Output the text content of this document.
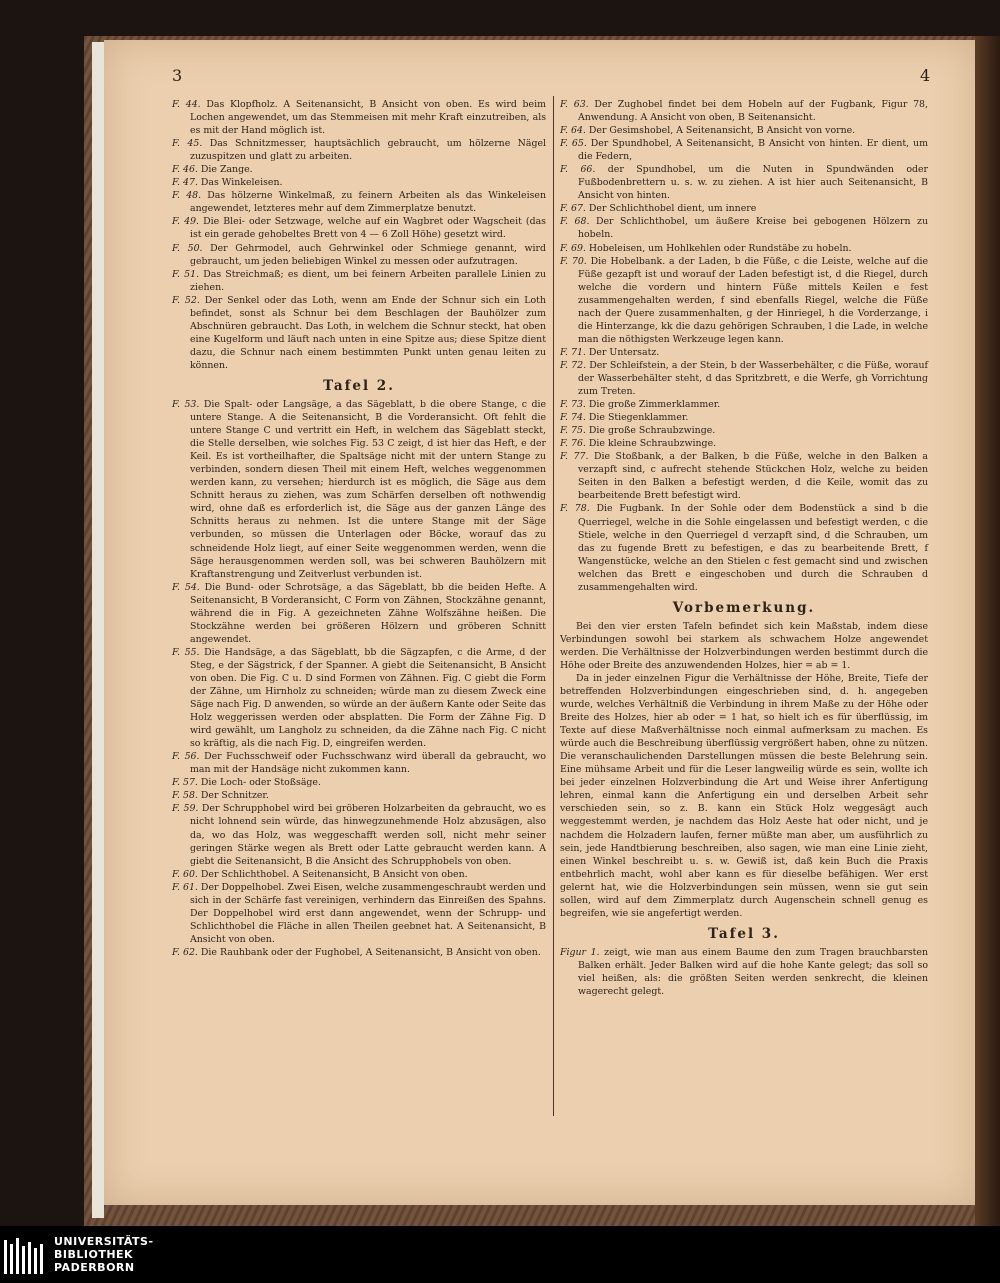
3	4
F. 44. Das Klopfholz. A Seitenansicht, B Ansicht von oben. Es wird beim Lochen angewendet, um das Stemmeisen mit mehr Kraft einzutreiben, als es mit der Hand möglich ist.
F. 45. Das Schnitzmesser, hauptsächlich gebraucht, um hölzerne Nägel zuzuspitzen und glatt zu arbeiten.
F. 46. Die Zange.
F. 47. Das Winkeleisen.
F. 48. Das hölzerne Winkelmaß, zu feinern Arbeiten als das Winkeleisen angewendet, letzteres mehr auf dem Zimmerplatze benutzt.
F. 49. Die Blei- oder Setzwage, welche auf ein Wagbret oder Wagscheit (das ist ein gerade gehobeltes Brett von 4 — 6 Zoll Höhe) gesetzt wird.
F. 50. Der Gehrmodel, auch Gehrwinkel oder Schmiege genannt, wird gebraucht, um jeden beliebigen Winkel zu messen oder aufzutragen.
F. 51. Das Streichmaß; es dient, um bei feinern Arbeiten parallele Linien zu ziehen.
F. 52. Der Senkel oder das Loth, wenn am Ende der Schnur sich ein Loth befindet, sonst als Schnur bei dem Beschlagen der Bauhölzer zum Abschnüren gebraucht. Das Loth, in welchem die Schnur steckt, hat oben eine Kugelform und läuft nach unten in eine Spitze aus; diese Spitze dient dazu, die Schnur nach einem bestimmten Punkt unten genau leiten zu können.
Tafel 2.
F. 53. Die Spalt- oder Langsäge, a das Sägeblatt, b die obere Stange, c die untere Stange. A die Seitenansicht, B die Vorderansicht. Oft fehlt die untere Stange C und vertritt ein Heft, in welchem das Sägeblatt steckt, die Stelle derselben, wie solches Fig. 53 C zeigt, d ist hier das Heft, e der Keil. Es ist vortheilhafter, die Spaltsäge nicht mit der untern Stange zu verbinden, sondern diesen Theil mit einem Heft, welches weggenommen werden kann, zu versehen; hierdurch ist es möglich, die Säge aus dem Schnitt heraus zu ziehen, was zum Schärfen derselben oft nothwendig wird, ohne daß es erforderlich ist, die Säge aus der ganzen Länge des Schnitts heraus zu nehmen. Ist die untere Stange mit der Säge verbunden, so müssen die Unterlagen oder Böcke, worauf das zu schneidende Holz liegt, auf einer Seite weggenommen werden, wenn die Säge herausgenommen werden soll, was bei schweren Bauhölzern mit Kraftanstrengung und Zeitverlust verbunden ist.
F. 54. Die Bund- oder Schrotsäge, a das Sägeblatt, bb die beiden Hefte. A Seitenansicht, B Vorderansicht, C Form von Zähnen, Stockzähne genannt, während die in Fig. A gezeichneten Zähne Wolfszähne heißen. Die Stockzähne werden bei größeren Hölzern und gröberen Schnitt angewendet.
F. 55. Die Handsäge, a das Sägeblatt, bb die Sägzapfen, c die Arme, d der Steg, e der Sägstrick, f der Spanner. A giebt die Seitenansicht, B Ansicht von oben. Die Fig. C u. D sind Formen von Zähnen. Fig. C giebt die Form der Zähne, um Hirnholz zu schneiden; würde man zu diesem Zweck eine Säge nach Fig. D anwenden, so würde an der äußern Kante oder Seite das Holz weggerissen werden oder absplatten. Die Form der Zähne Fig. D wird gewählt, um Langholz zu schneiden, da die Zähne nach Fig. C nicht so kräftig, als die nach Fig. D, eingreifen werden.
F. 56. Der Fuchsschweif oder Fuchsschwanz wird überall da gebraucht, wo man mit der Handsäge nicht zukommen kann.
F. 57. Die Loch- oder Stoßsäge.
F. 58. Der Schnitzer.
F. 59. Der Schrupphobel wird bei gröberen Holzarbeiten da gebraucht, wo es nicht lohnend sein würde, das hinwegzunehmende Holz abzusägen, also da, wo das Holz, was weggeschafft werden soll, nicht mehr seiner geringen Stärke wegen als Brett oder Latte gebraucht werden kann. A giebt die Seitenansicht, B die Ansicht des Schrupphobels von oben.
F. 60. Der Schlichthobel. A Seitenansicht, B Ansicht von oben.
F. 61. Der Doppelhobel. Zwei Eisen, welche zusammengeschraubt werden und sich in der Schärfe fast vereinigen, verhindern das Einreißen des Spahns. Der Doppelhobel wird erst dann angewendet, wenn der Schrupp- und Schlichthobel die Fläche in allen Theilen geebnet hat. A Seitenansicht, B Ansicht von oben.
F. 62. Die Rauhbank oder der Fughobel, A Seitenansicht, B Ansicht von oben.
F. 63. Der Zughobel findet bei dem Hobeln auf der Fugbank, Figur 78, Anwendung. A Ansicht von oben, B Seitenansicht.
F. 64. Der Gesimshobel, A Seitenansicht, B Ansicht von vorne.
F. 65. Der Spundhobel, A Seitenansicht, B Ansicht von hinten. Er dient, um die Federn,
F. 66. der Spundhobel, um die Nuten in Spundwänden oder Fußbodenbrettern u. s. w. zu ziehen. A ist hier auch Seitenansicht, B Ansicht von hinten.
F. 67. Der Schlichthobel dient, um innere
F. 68. Der Schlichthobel, um äußere Kreise bei gebogenen Hölzern zu hobeln.
F. 69. Hobeleisen, um Hohlkehlen oder Rundstäbe zu hobeln.
F. 70. Die Hobelbank. a der Laden, b die Füße, c die Leiste, welche auf die Füße gezapft ist und worauf der Laden befestigt ist, d die Riegel, durch welche die vordern und hintern Füße mittels Keilen e fest zusammengehalten werden, f sind ebenfalls Riegel, welche die Füße nach der Quere zusammenhalten, g der Hinriegel, h die Vorderzange, i die Hinterzange, kk die dazu gehörigen Schrauben, l die Lade, in welche man die nöthigsten Werkzeuge legen kann.
F. 71. Der Untersatz.
F. 72. Der Schleifstein, a der Stein, b der Wasserbehälter, c die Füße, worauf der Wasserbehälter steht, d das Spritzbrett, e die Werfe, gh Vorrichtung zum Treten.
F. 73. Die große Zimmerklammer.
F. 74. Die Stiegenklammer.
F. 75. Die große Schraubzwinge.
F. 76. Die kleine Schraubzwinge.
F. 77. Die Stoßbank, a der Balken, b die Füße, welche in den Balken a verzapft sind, c aufrecht stehende Stückchen Holz, welche zu beiden Seiten in den Balken a befestigt werden, d die Keile, womit das zu bearbeitende Brett befestigt wird.
F. 78. Die Fugbank. In der Sohle oder dem Bodenstück a sind b die Querriegel, welche in die Sohle eingelassen und befestigt werden, c die Stiele, welche in den Querriegel d verzapft sind, d die Schrauben, um das zu fugende Brett zu befestigen, e das zu bearbeitende Brett, f Wangenstücke, welche an den Stielen c fest gemacht sind und zwischen welchen das Brett e eingeschoben und durch die Schrauben d zusammengehalten wird.
Vorbemerkung.

Bei den vier ersten Tafeln befindet sich kein Maßstab, indem diese Verbindungen sowohl bei starkem als schwachem Holze angewendet werden. Die Verhältnisse der Holzverbindungen werden bestimmt durch die Höhe oder Breite des anzuwendenden Holzes, hier = ab = 1.

Da in jeder einzelnen Figur die Verhältnisse der Höhe, Breite, Tiefe der betreffenden Holzverbindungen eingeschrieben sind, d. h. angegeben wurde, welches Verhältniß die Verbindung in ihrem Maße zu der Höhe oder Breite des Holzes, hier ab oder = 1 hat, so hielt ich es für überflüssig, im Texte auf diese Maßverhältnisse noch einmal aufmerksam zu machen. Es würde auch die Beschreibung überflüssig vergrößert haben, ohne zu nützen. Die veranschaulichenden Darstellungen müssen die beste Belehrung sein. Eine mühsame Arbeit und für die Leser langweilig würde es sein, wollte ich bei jeder einzelnen Holzverbindung die Art und Weise ihrer Anfertigung lehren, einmal kann die Anfertigung ein und derselben Arbeit sehr verschieden sein, so z. B. kann ein Stück Holz weggesägt auch weggestemmt werden, je nachdem das Holz Aeste hat oder nicht, und je nachdem die Holzadern laufen, ferner müßte man aber, um ausführlich zu sein, jede Handtbierung beschreiben, also sagen, wie man eine Linie zieht, einen Winkel beschreibt u. s. w. Gewiß ist, daß kein Buch die Praxis entbehrlich macht, wohl aber kann es für dieselbe befähigen. Wer erst gelernt hat, wie die Holzverbindungen sein müssen, wenn sie gut sein sollen, wird auf dem Zimmerplatz durch Augenschein schnell genug es begreifen, wie sie angefertigt werden.

Tafel 3.
Figur 1. zeigt, wie man aus einem Baume den zum Tragen brauchbarsten Balken erhält. Jeder Balken wird auf die hohe Kante gelegt; das soll so viel heißen, als: die größten Seiten werden senkrecht, die kleinen wagerecht gelegt.
UNIVERSITÄTS-
BIBLIOTHEK
PADERBORN
